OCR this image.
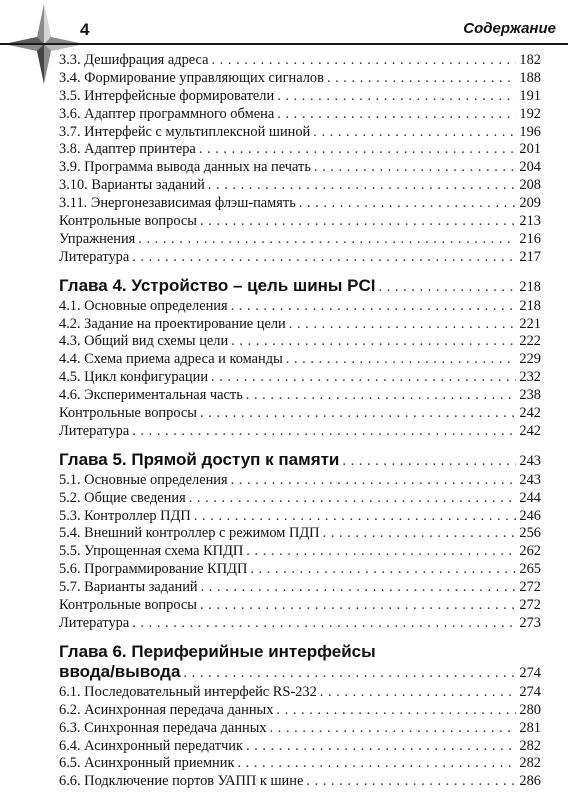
4	Содержание
3.3. Дешифрация адреса . . .	182
3.4. Формирование управляющих сигналов . . .	188
3.5. Интерфейсные формирователи . . .	191
3.6. Адаптер программного обмена . . .	192
3.7. Интерфейс с мультиплексной шиной . . .	196
3.8. Адаптер принтера . . .	201
3.9. Программа вывода данных на печать . . .	204
3.10. Варианты заданий . . .	208
3.11. Энергонезависимая флэш-память . . .	209
Контрольные вопросы . . .	213
Упражнения . . .	216
Литература . . .	217
Глава 4. Устройство – цель шины PCI . . .	218
4.1. Основные определения . . .	218
4.2. Задание на проектирование цели . . .	221
4.3. Общий вид схемы цели . . .	222
4.4. Схема приема адреса и команды . . .	229
4.5. Цикл конфигурации . . .	232
4.6. Экспериментальная часть . . .	238
Контрольные вопросы . . .	242
Литература . . .	242
Глава 5. Прямой доступ к памяти . . .	243
5.1. Основные определения . . .	243
5.2. Общие сведения . . .	244
5.3. Контроллер ПДП . . .	246
5.4. Внешний контроллер с режимом ПДП . . .	256
5.5. Упрощенная схема КПДП . . .	262
5.6. Программирование КПДП . . .	265
5.7. Варианты заданий . . .	272
Контрольные вопросы . . .	272
Литература . . .	273
Глава 6. Периферийные интерфейсы
ввода/вывода . . .	274
6.1. Последовательный интерфейс RS-232 . . .	274
6.2. Асинхронная передача данных . . .	280
6.3. Синхронная передача данных . . .	281
6.4. Асинхронный передатчик . . .	282
6.5. Асинхронный приемник . . .	282
6.6. Подключение портов УАПП к шине . . .	286
